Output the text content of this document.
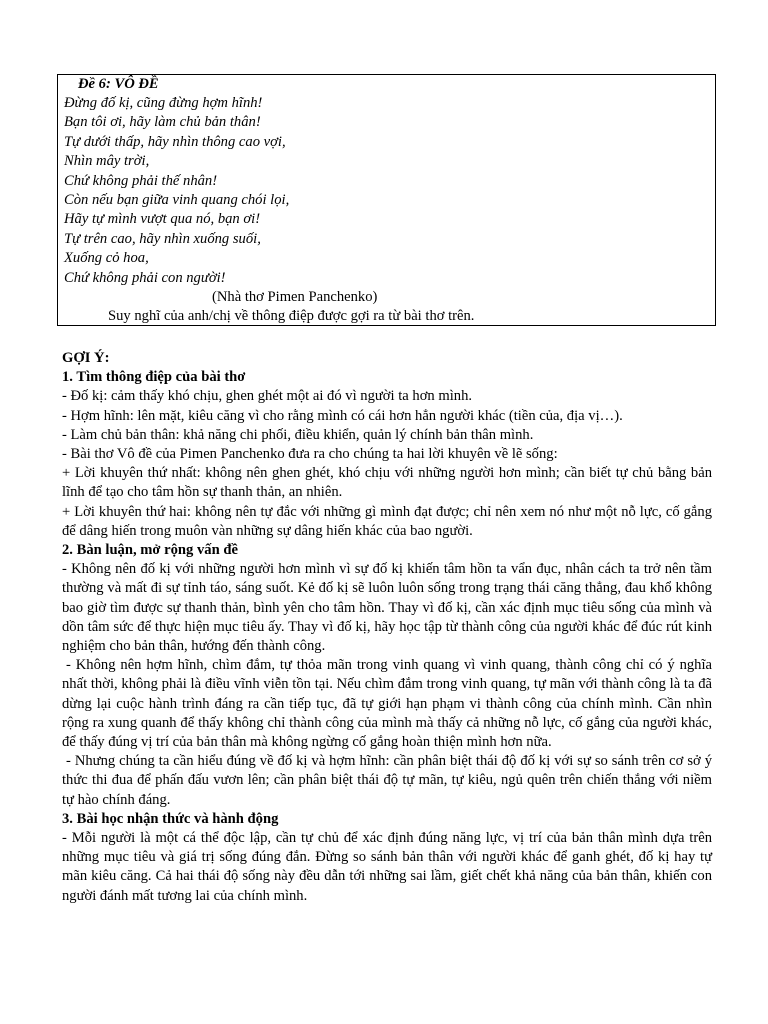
Đề 6: VÔ ĐỀ
Đừng đố kị, cũng đừng hợm hĩnh!
Bạn tôi ơi, hãy làm chủ bản thân!
Tự dưới thấp, hãy nhìn thông cao vợi,
Nhìn mây trời,
Chứ không phải thế nhân!
Còn nếu bạn giữa vinh quang chói lọi,
Hãy tự mình vượt qua nó, bạn ơi!
Tự trên cao, hãy nhìn xuống suối,
Xuống cỏ hoa,
Chứ không phải con người!
(Nhà thơ Pimen Panchenko)
Suy nghĩ của anh/chị về thông điệp được gợi ra từ bài thơ trên.
GỢI Ý:
1. Tìm thông điệp của bài thơ
- Đố kị: cảm thấy khó chịu, ghen ghét một ai đó vì người ta hơn mình.
- Hợm hĩnh: lên mặt, kiêu căng vì cho rằng mình có cái hơn hẳn người khác (tiền của, địa vị…).
- Làm chủ bản thân: khả năng chi phối, điều khiển, quản lý chính bản thân mình.
- Bài thơ Vô đề của Pimen Panchenko đưa ra cho chúng ta hai lời khuyên về lẽ sống:
+ Lời khuyên thứ nhất: không nên ghen ghét, khó chịu với những người hơn mình; cần biết tự chủ bằng bản lĩnh để tạo cho tâm hồn sự thanh thản, an nhiên.
+ Lời khuyên thứ hai: không nên tự đắc với những gì mình đạt được; chỉ nên xem nó như một nỗ lực, cố gắng để dâng hiến trong muôn vàn những sự dâng hiến khác của bao người.
2. Bàn luận, mở rộng vấn đề
- Không nên đố kị với những người hơn mình vì sự đố kị khiến tâm hồn ta vẩn đục, nhân cách ta trở nên tầm thường và mất đi sự tỉnh táo, sáng suốt. Kẻ đố kị sẽ luôn luôn sống trong trạng thái căng thẳng, đau khổ không bao giờ tìm được sự thanh thản, bình yên cho tâm hồn. Thay vì đố kị, cần xác định mục tiêu sống của mình và dồn tâm sức để thực hiện mục tiêu ấy. Thay vì đố kị, hãy học tập từ thành công của người khác để đúc rút kinh nghiệm cho bản thân, hướng đến thành công.
- Không nên hợm hĩnh, chìm đắm, tự thỏa mãn trong vinh quang vì vinh quang, thành công chỉ có ý nghĩa nhất thời, không phải là điều vĩnh viễn tồn tại. Nếu chìm đắm trong vinh quang, tự mãn với thành công là ta đã dừng lại cuộc hành trình đáng ra cần tiếp tục, đã tự giới hạn phạm vi thành công của chính mình. Cần nhìn rộng ra xung quanh để thấy không chỉ thành công của mình mà thấy cả những nỗ lực, cố gắng của người khác, để thấy đúng vị trí của bản thân mà không ngừng cố gắng hoàn thiện mình hơn nữa.
- Nhưng chúng ta cần hiểu đúng về đố kị và hợm hĩnh: cần phân biệt thái độ đố kị với sự so sánh trên cơ sở ý thức thi đua để phấn đấu vươn lên; cần phân biệt thái độ tự mãn, tự kiêu, ngủ quên trên chiến thắng với niềm tự hào chính đáng.
3. Bài học nhận thức và hành động
- Mỗi người là một cá thể độc lập, cần tự chủ để xác định đúng năng lực, vị trí của bản thân mình dựa trên những mục tiêu và giá trị sống đúng đắn. Đừng so sánh bản thân với người khác để ganh ghét, đố kị hay tự mãn kiêu căng. Cả hai thái độ sống này đều dẫn tới những sai lầm, giết chết khả năng của bản thân, khiến con người đánh mất tương lai của chính mình.
